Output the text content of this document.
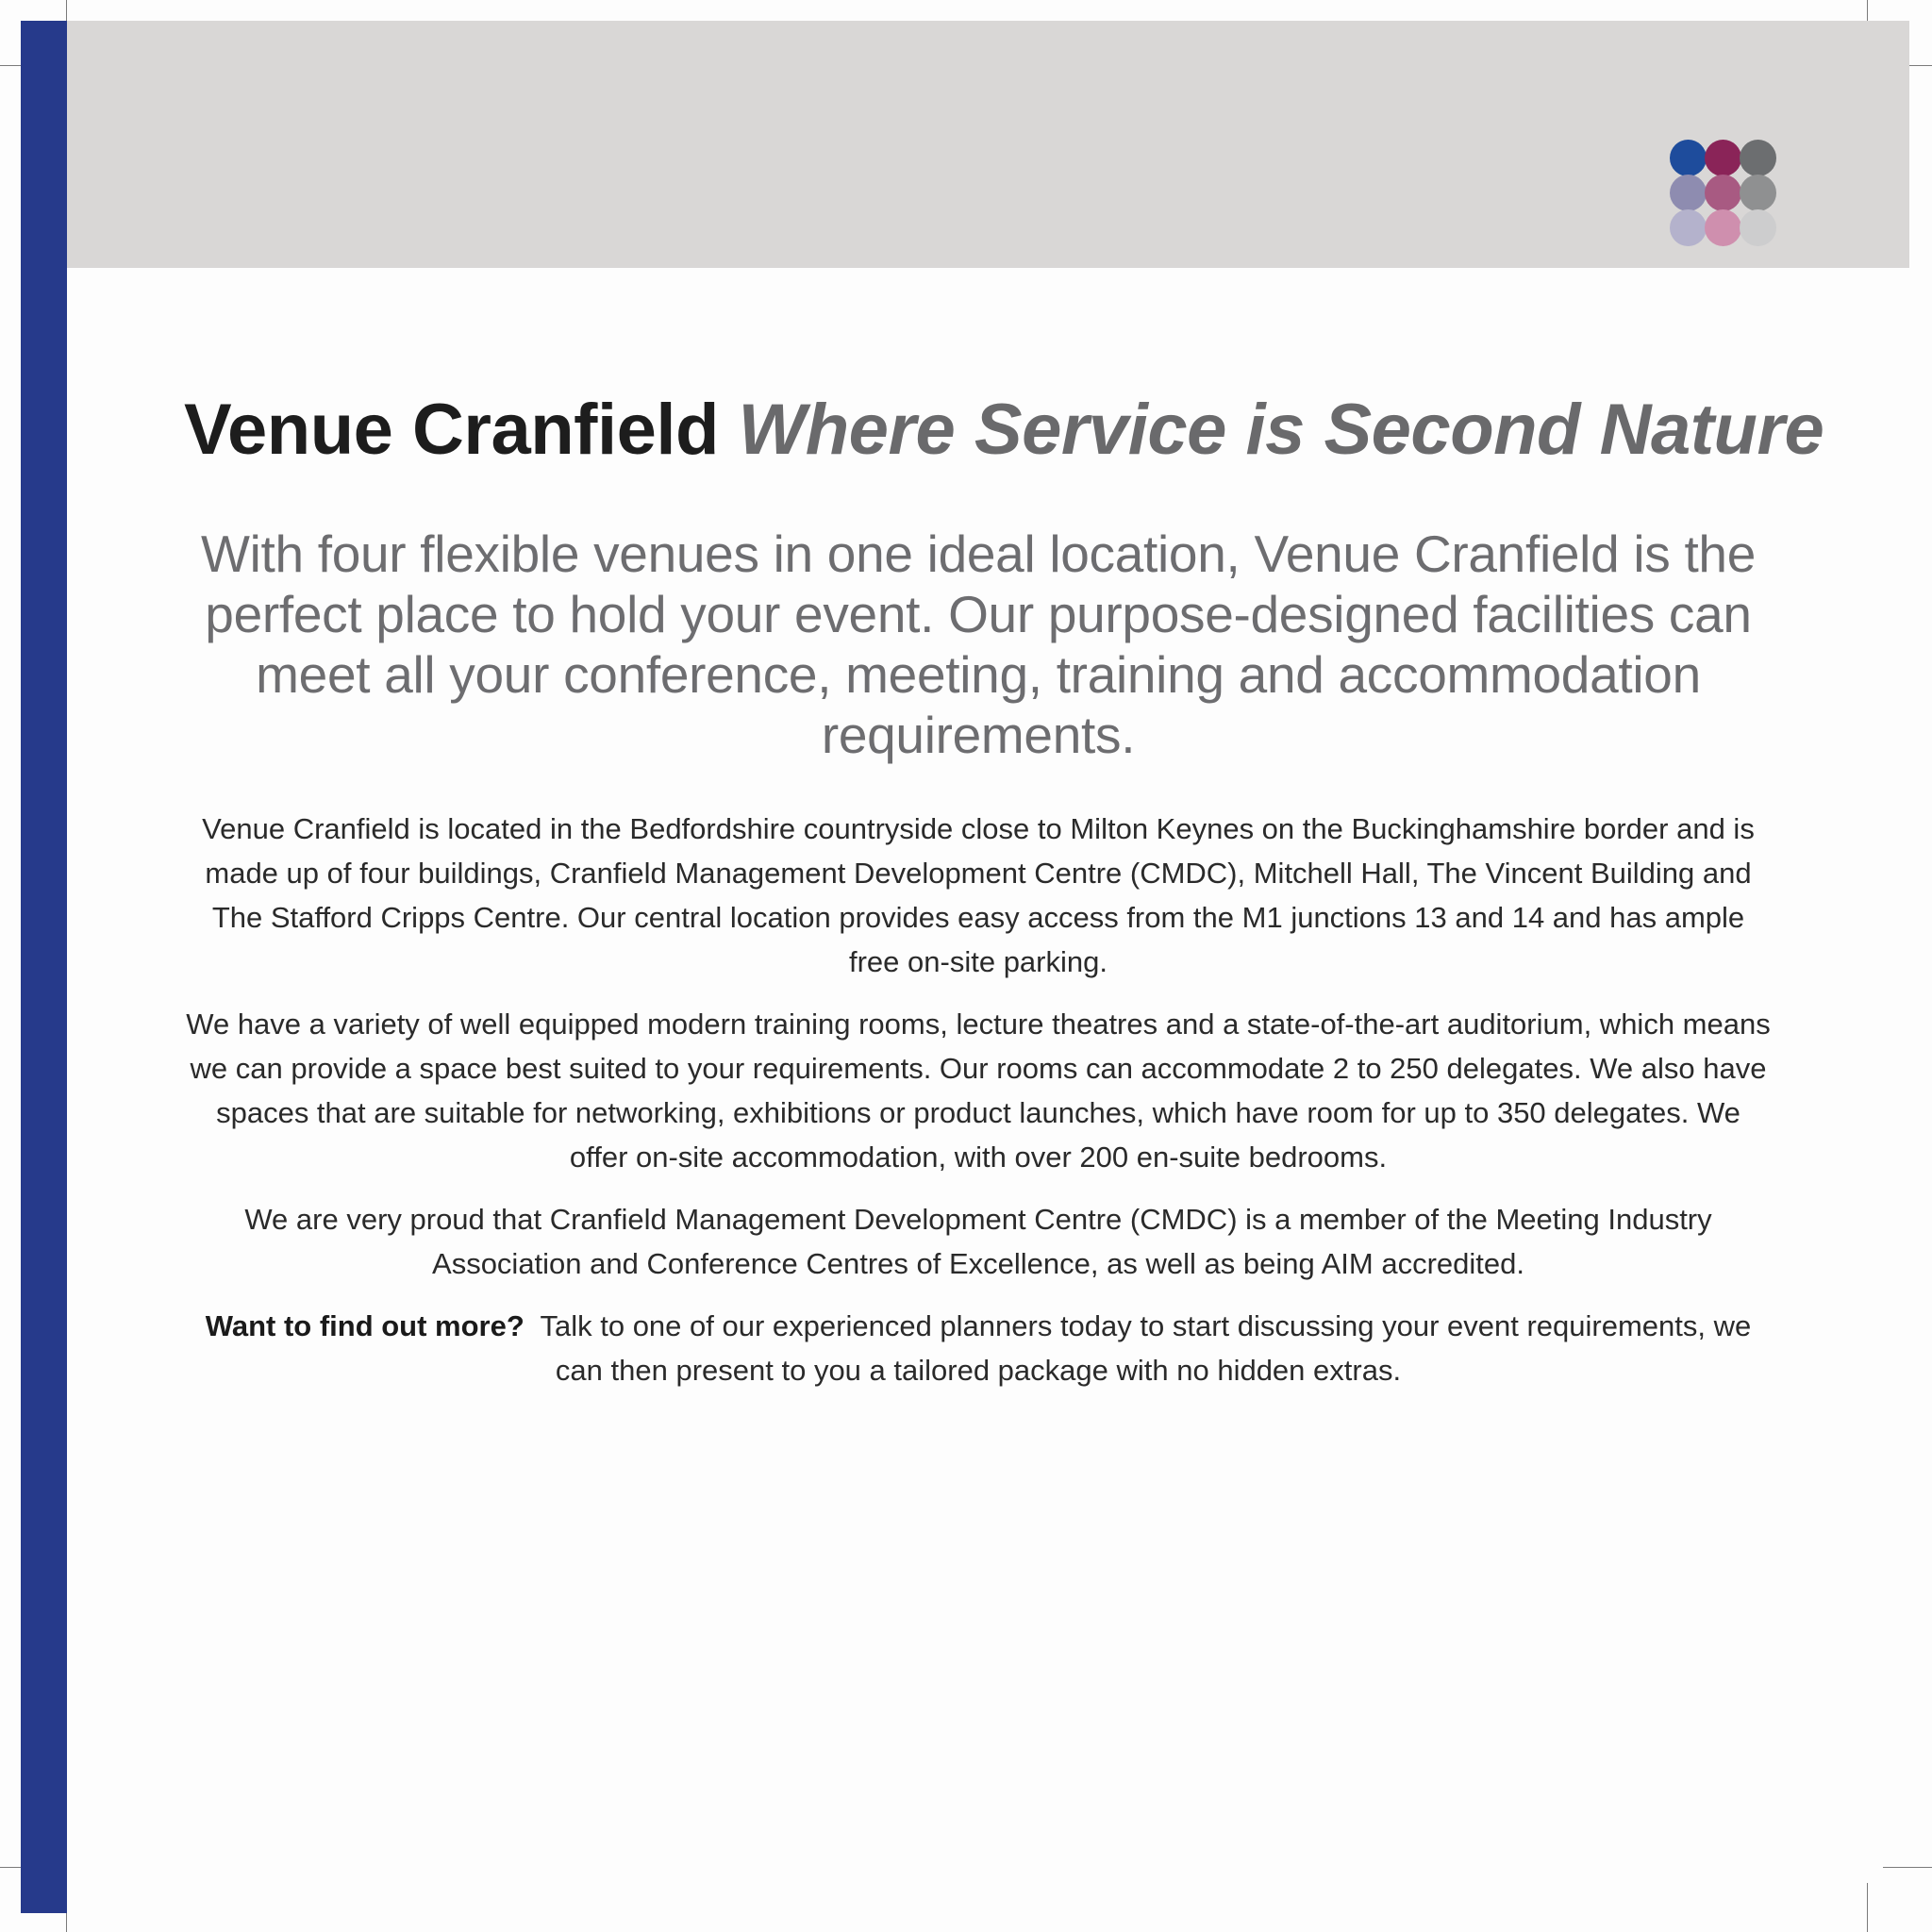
Venue Cranfield Where Service is Second Nature

With four flexible venues in one ideal location, Venue Cranfield is the perfect place to hold your event. Our purpose-designed facilities can meet all your conference, meeting, training and accommodation requirements.

Venue Cranfield is located in the Bedfordshire countryside close to Milton Keynes on the Buckinghamshire border and is made up of four buildings, Cranfield Management Development Centre (CMDC), Mitchell Hall, The Vincent Building and The Stafford Cripps Centre. Our central location provides easy access from the M1 junctions 13 and 14 and has ample free on-site parking.

We have a variety of well equipped modern training rooms, lecture theatres and a state-of-the-art auditorium, which means we can provide a space best suited to your requirements. Our rooms can accommodate 2 to 250 delegates. We also have spaces that are suitable for networking, exhibitions or product launches, which have room for up to 350 delegates. We offer on-site accommodation, with over 200 en-suite bedrooms.

We are very proud that Cranfield Management Development Centre (CMDC) is a member of the Meeting Industry Association and Conference Centres of Excellence, as well as being AIM accredited.

Want to find out more? Talk to one of our experienced planners today to start discussing your event requirements, we can then present to you a tailored package with no hidden extras.
